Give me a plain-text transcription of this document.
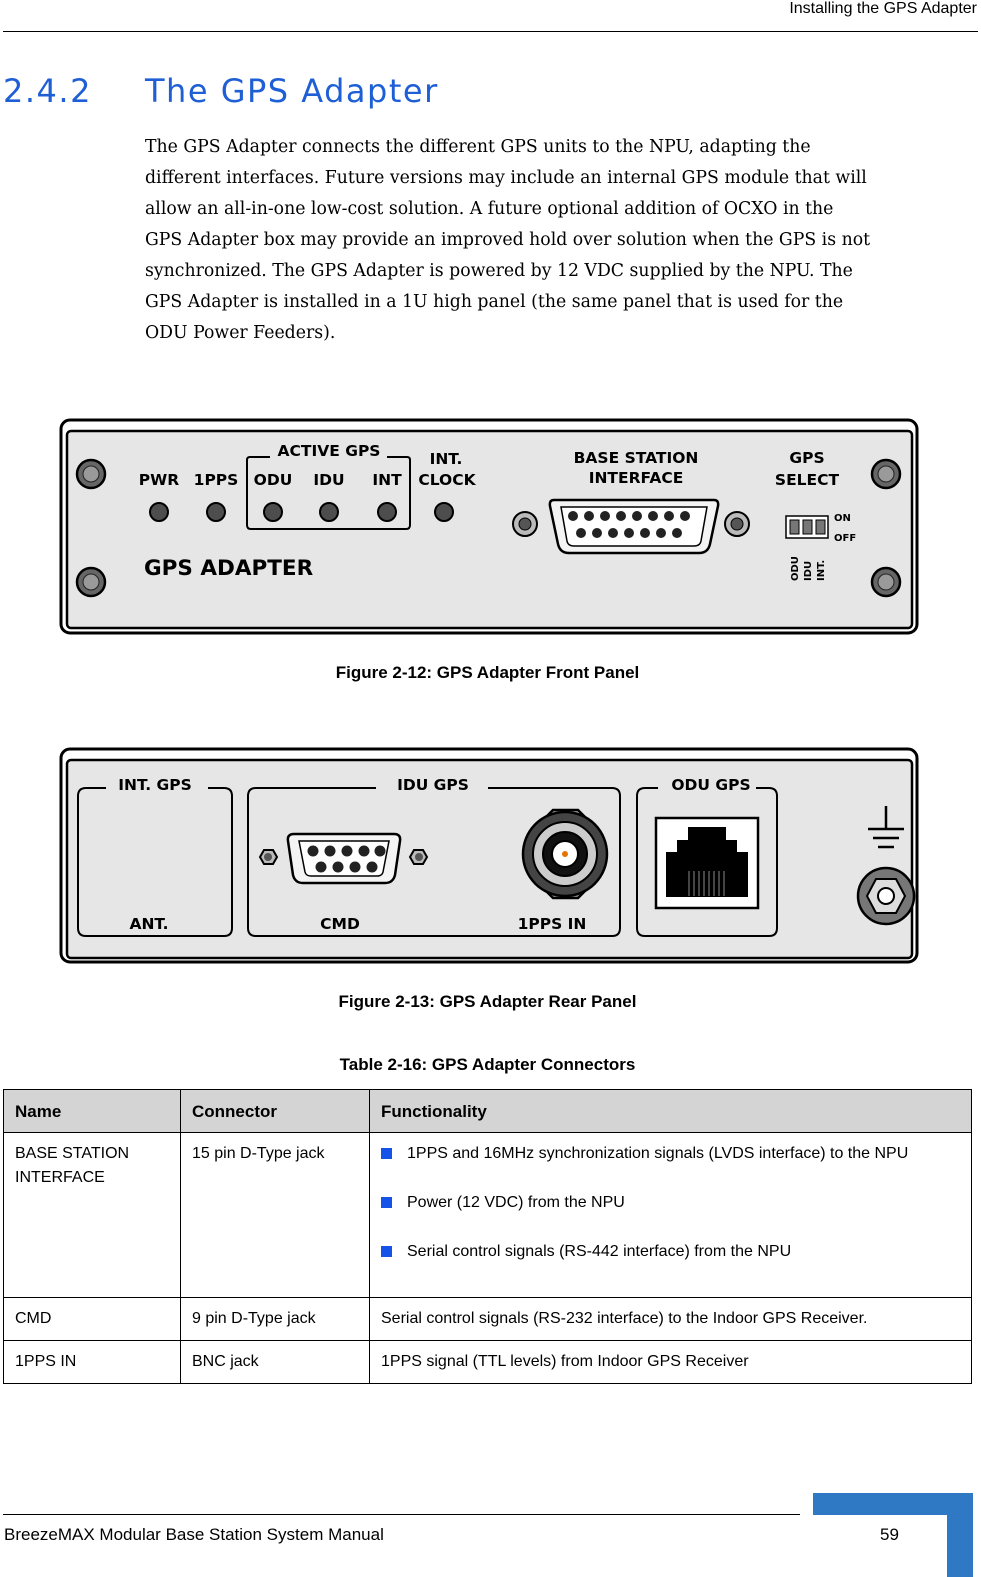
Installing the GPS Adapter
2.4.2 The GPS Adapter

The GPS Adapter connects the different GPS units to the NPU, adapting the

different interfaces. Future versions may include an internal GPS module that will

allow an all-in-one low-cost solution. A future optional addition of OCXO in the

GPS Adapter box may provide an improved hold over solution when the GPS is not

synchronized. The GPS Adapter is powered by 12 VDC supplied by the NPU. The

GPS Adapter is installed in a 1U high panel (the same panel that is used for the

ODU Power Feeders).

PWR 1PPS
ACTIVE GPS
ODU IDU INT
INT.
CLOCK
BASE STATION
INTERFACE
GPS
SELECT
ON
OFF
ODU IDU INT.
GPS ADAPTER
Figure 2-12: GPS Adapter Front Panel
INT. GPS
ANT.
IDU GPS
CMD	1PPS IN
ODU GPS
Figure 2-13: GPS Adapter Rear Panel
Table 2-16: GPS Adapter Connectors
Name	Connector	Functionality
BASE STATION INTERFACE	15 pin D-Type jack	1PPS and 16MHz synchronization signals (LVDS interface) to the NPU
Power (12 VDC) from the NPU
Serial control signals (RS-442 interface) from the NPU

CMD	9 pin D-Type jack	Serial control signals (RS-232 interface) to the Indoor GPS Receiver.
1PPS IN	BNC jack	1PPS signal (TTL levels) from Indoor GPS Receiver
BreezeMAX Modular Base Station System Manual	59
